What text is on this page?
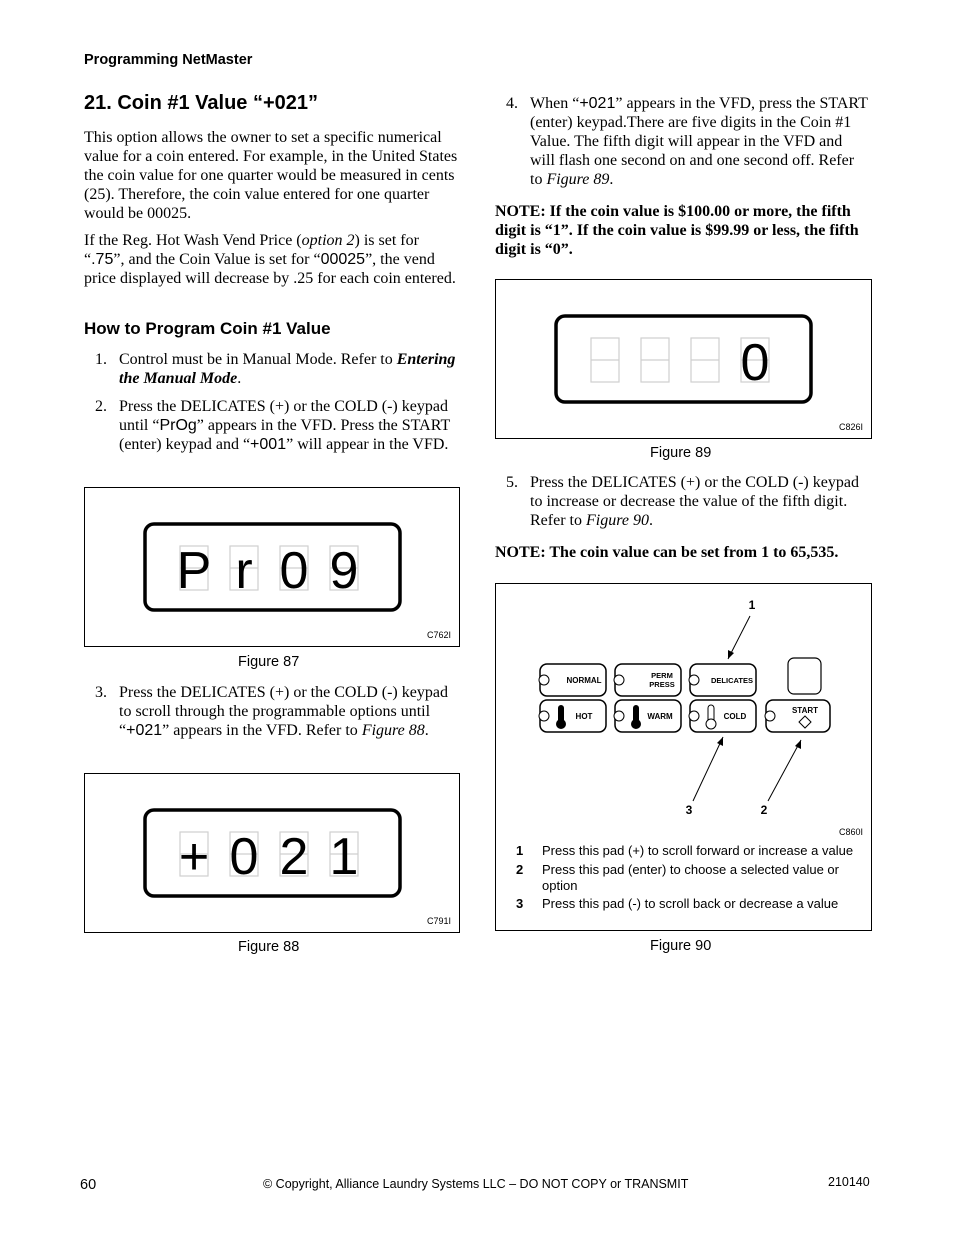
Programming NetMaster
21. Coin #1 Value “+021”
This option allows the owner to set a specific numerical value for a coin entered. For example, in the United States the coin value for one quarter would be measured in cents (25). Therefore, the coin value entered for one quarter would be 00025.
If the Reg. Hot Wash Vend Price (option 2) is set for “.75”, and the Coin Value is set for “00025”, the vend price displayed will decrease by .25 for each coin entered.
How to Program Coin #1 Value
1. Control must be in Manual Mode. Refer to Entering the Manual Mode.
2. Press the DELICATES (+) or the COLD (-) keypad until “PrOg” appears in the VFD. Press the START (enter) keypad and “+001” will appear in the VFD.
P r 0 9
C762I
Figure 87
3. Press the DELICATES (+) or the COLD (-) keypad to scroll through the programmable options until “+021” appears in the VFD. Refer to Figure 88.
+ 0 2 1
C791I
Figure 88
4. When “+021” appears in the VFD, press the START (enter) keypad.There are five digits in the Coin #1 Value. The fifth digit will appear in the VFD and will flash one second on and one second off. Refer to Figure 89.
NOTE: If the coin value is $100.00 or more, the fifth digit is “1”. If the coin value is $99.99 or less, the fifth digit is “0”.
0
C826I
Figure 89
5. Press the DELICATES (+) or the COLD (-) keypad to increase or decrease the value of the fifth digit. Refer to Figure 90.
NOTE: The coin value can be set from 1 to 65,535.
NORMAL
PERM
PRESS	DELICATES
HOT	WARM	COLD
START
1
2
3
C860I
1 Press this pad (+) to scroll forward or increase a value
2 Press this pad (enter) to choose a selected value or option
3 Press this pad (-) to scroll back or decrease a value
Figure 90
60	© Copyright, Alliance Laundry Systems LLC – DO NOT COPY or TRANSMIT	210140
